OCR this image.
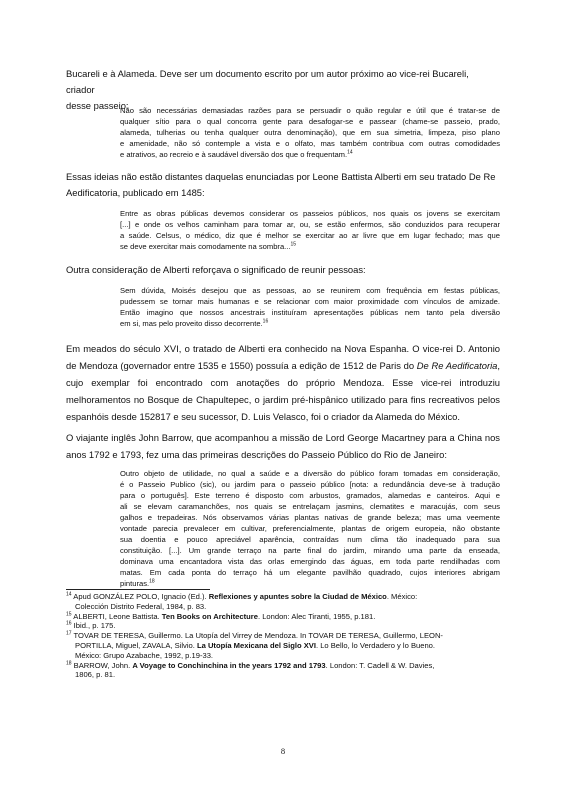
Bucareli e à Alameda. Deve ser um documento escrito por um autor próximo ao vice-rei Bucareli, criador
desse passeio:

Não são necessárias demasiadas razões para se persuadir o quão regular e útil que é tratar-se de
qualquer sítio para o qual concorra gente para desafogar-se e passear (chame-se passeio, prado,
alameda, tulherias ou tenha qualquer outra denominação), que em sua simetria, limpeza, piso plano
e amenidade, não só contemple a vista e o olfato, mas também contribua com outras comodidades
e atrativos, ao recreio e à saudável diversão dos que o frequentam.$^{14}$

Essas ideias não estão distantes daquelas enunciadas por Leone Battista Alberti em seu tratado De Re
Aedificatoria, publicado em 1485:

Entre as obras públicas devemos considerar os passeios públicos, nos quais os jovens se exercitam
[...] e onde os velhos caminham para tomar ar, ou, se estão enfermos, são conduzidos para recuperar
a saúde. Celsus, o médico, diz que é melhor se exercitar ao ar livre que em lugar fechado; mas que
se deve exercitar mais comodamente na sombra...$^{15}$

Outra consideração de Alberti reforçava o significado de reunir pessoas:

Sem dúvida, Moisés desejou que as pessoas, ao se reunirem com frequência em festas públicas,
pudessem se tornar mais humanas e se relacionar com maior proximidade com vínculos de amizade.
Então imagino que nossos ancestrais instituíram apresentações públicas nem tanto pela diversão
em si, mas pelo proveito disso decorrente.$^{16}$

Em meados do século XVI, o tratado de Alberti era conhecido na Nova Espanha. O vice-rei D. Antonio
de Mendoza (governador entre 1535 e 1550) possuía a edição de 1512 de Paris do De Re Aedificatoria,
cujo exemplar foi encontrado com anotações do próprio Mendoza. Esse vice-rei introduziu
melhoramentos no Bosque de Chapultepec, o jardim pré-hispânico utilizado para fins recreativos pelos
espanhóis desde 152817 e seu sucessor, D. Luis Velasco, foi o criador da Alameda do México.

O viajante inglês John Barrow, que acompanhou a missão de Lord George Macartney para a China nos
anos 1792 e 1793, fez uma das primeiras descrições do Passeio Público do Rio de Janeiro:

Outro objeto de utilidade, no qual a saúde e a diversão do público foram tomadas em consideração,
é o Passeio Publico (sic), ou jardim para o passeio público [nota: a redundância deve-se à tradução
para o português]. Este terreno é disposto com arbustos, gramados, alamedas e canteiros. Aqui e
ali se elevam caramanchões, nos quais se entrelaçam jasmins, clematites e maracujás, com seus
galhos e trepadeiras. Nós observamos várias plantas nativas de grande beleza; mas uma veemente
vontade parecia prevalecer em cultivar, preferencialmente, plantas de origem europeia, não obstante
sua doentia e pouco apreciável aparência, contraídas num clima tão inadequado para sua
constituição. [...]. Um grande terraço na parte final do jardim, mirando uma parte da enseada,
dominava uma encantadora vista das orlas emergindo das águas, em toda parte rendilhadas com
matas. Em cada ponta do terraço há um elegante pavilhão quadrado, cujos interiores abrigam
pinturas.$^{18}$

$^{14}$ Apud GONZÁLEZ POLO, Ignacio (Ed.). Reflexiones y apuntes sobre la Ciudad de México. México:
Colección Distrito Federal, 1984, p. 83.

$^{15}$ ALBERTI, Leone Battista. Ten Books on Architecture. London: Alec Tiranti, 1955, p.181.

$^{16}$ Ibid., p. 175.

$^{17}$ TOVAR DE TERESA, Guillermo. La Utopía del Virrey de Mendoza. In TOVAR DE TERESA, Guillermo, LEON-
PORTILLA, Miguel, ZAVALA, Silvio. La Utopía Mexicana del Siglo XVI. Lo Bello, lo Verdadero y lo Bueno.
México: Grupo Azabache, 1992, p.19-33.

$^{18}$ BARROW, John. A Voyage to Conchinchina in the years 1792 and 1793. London: T. Cadell & W. Davies,
1806, p. 81.

8
